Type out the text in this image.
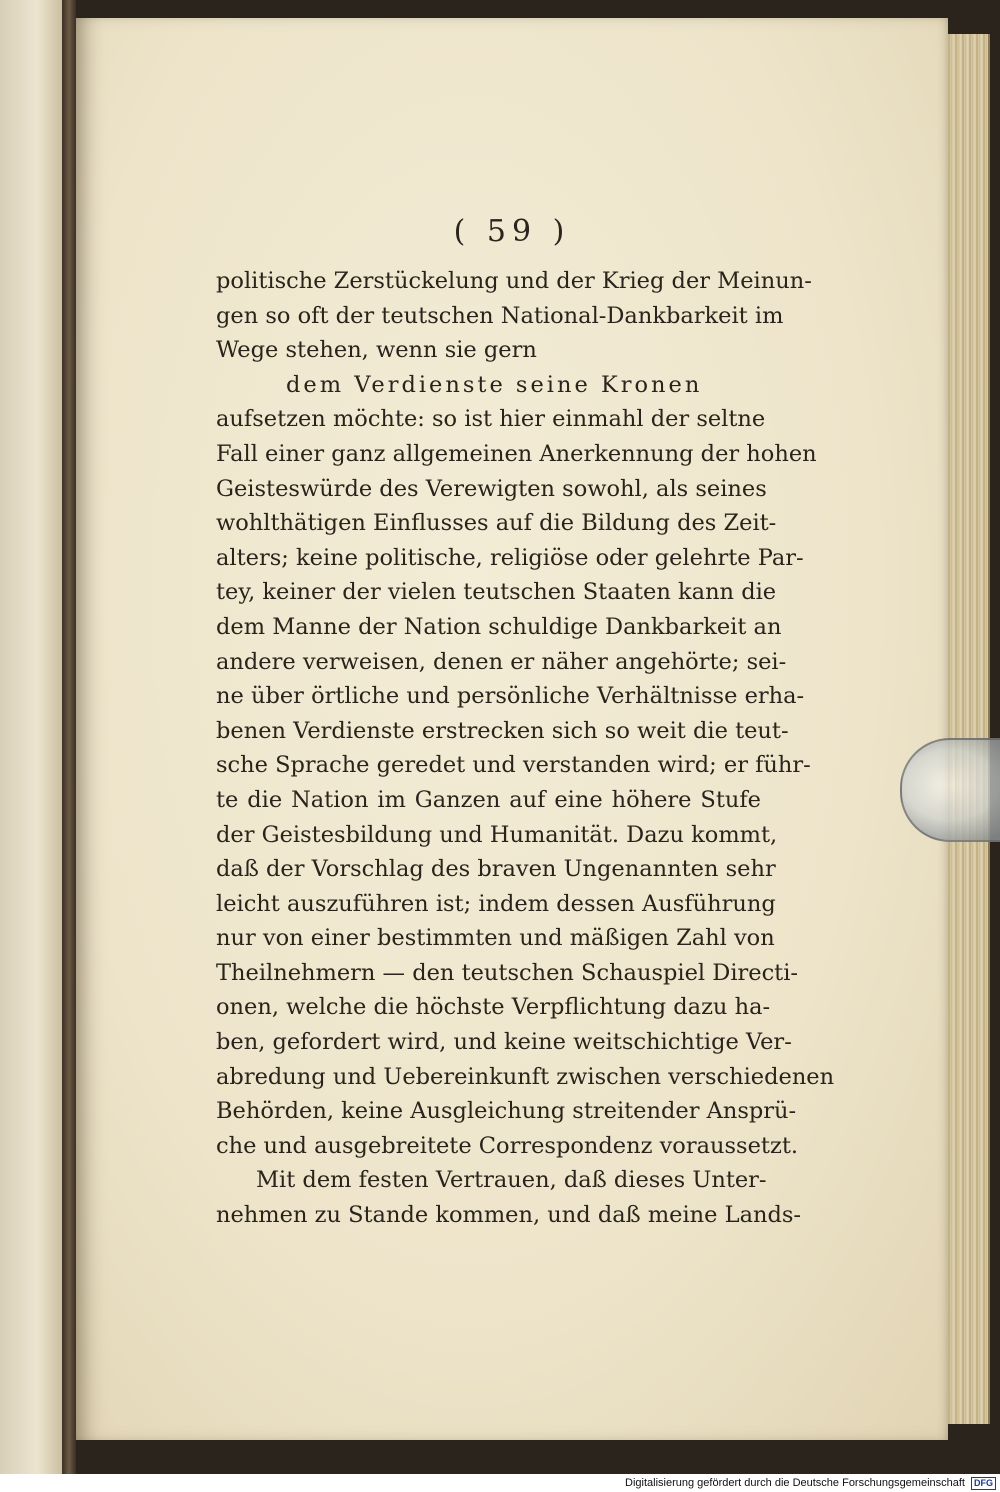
( 59 )
politische Zerstückelung und der Krieg der Meinun-
gen so oft der teutschen National-Dankbarkeit im
Wege stehen, wenn sie gern
dem Verdienste seine Kronen
aufsetzen möchte: so ist hier einmahl der seltne
Fall einer ganz allgemeinen Anerkennung der hohen
Geisteswürde des Verewigten sowohl, als seines
wohlthätigen Einflusses auf die Bildung des Zeit-
alters; keine politische, religiöse oder gelehrte Par-
tey, keiner der vielen teutschen Staaten kann die
dem Manne der Nation schuldige Dankbarkeit an
andere verweisen, denen er näher angehörte; sei-
ne über örtliche und persönliche Verhältnisse erha-
benen Verdienste erstrecken sich so weit die teut-
sche Sprache geredet und verstanden wird; er führ-
te die Nation im Ganzen auf eine höhere Stufe
der Geistesbildung und Humanität. Dazu kommt,
daß der Vorschlag des braven Ungenannten sehr
leicht auszuführen ist; indem dessen Ausführung
nur von einer bestimmten und mäßigen Zahl von
Theilnehmern — den teutschen Schauspiel Directi-
onen, welche die höchste Verpflichtung dazu ha-
ben, gefordert wird, und keine weitschichtige Ver-
abredung und Uebereinkunft zwischen verschiedenen
Behörden, keine Ausgleichung streitender Ansprü-
che und ausgebreitete Correspondenz voraussetzt.
Mit dem festen Vertrauen, daß dieses Unter-
nehmen zu Stande kommen, und daß meine Lands-
Digitalisierung gefördert durch die Deutsche Forschungsgemeinschaft DFG
